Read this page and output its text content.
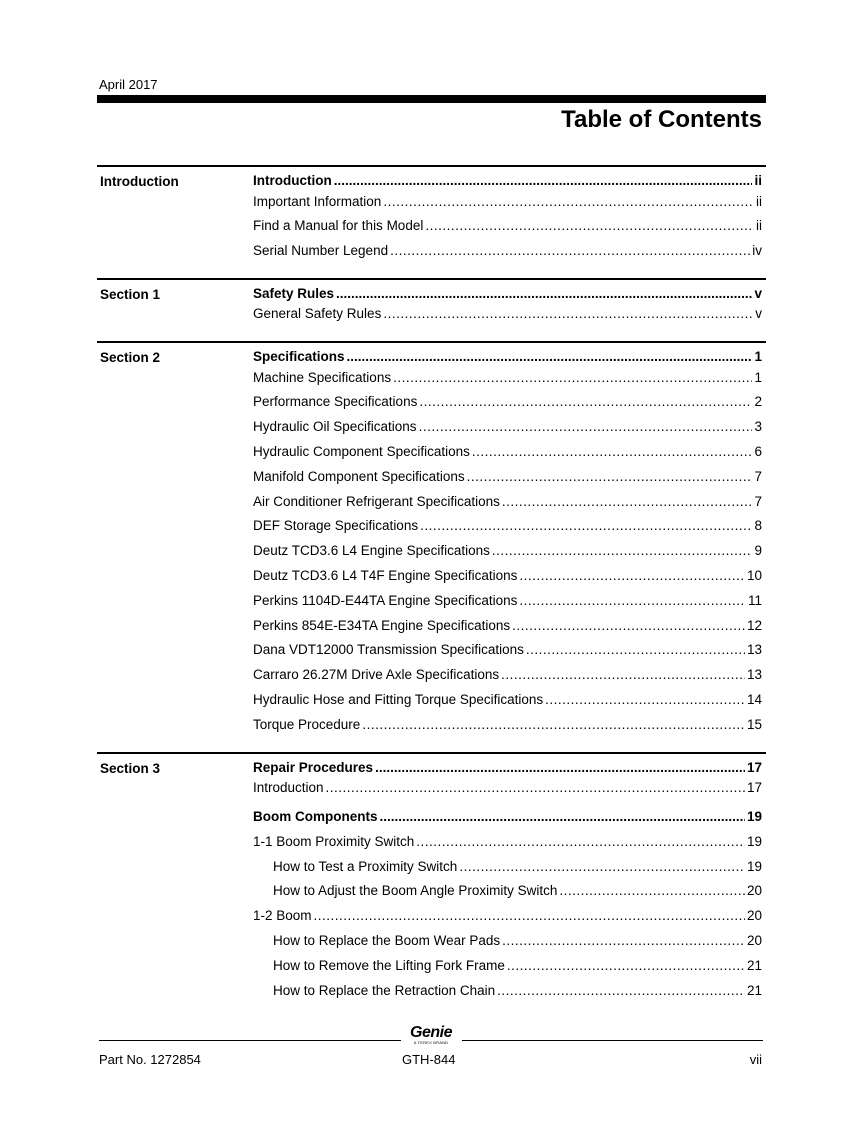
April 2017
Table of Contents
Introduction	Introduction .....	ii
Important Information .....	ii
Find a Manual for this Model .....	ii
Serial Number Legend .....	iv
Section 1	Safety Rules .....	v
General Safety Rules .....	v
Section 2	Specifications .....	1
Machine Specifications .....	1
Performance Specifications .....	2
Hydraulic Oil Specifications .....	3
Hydraulic Component Specifications .....	6
Manifold Component Specifications .....	7
Air Conditioner Refrigerant Specifications .....	7
DEF Storage Specifications .....	8
Deutz TCD3.6 L4 Engine Specifications .....	9
Deutz TCD3.6 L4 T4F Engine Specifications .....	10
Perkins 1104D-E44TA Engine Specifications .....	11
Perkins 854E-E34TA Engine Specifications .....	12
Dana VDT12000 Transmission Specifications .....	13
Carraro 26.27M Drive Axle Specifications .....	13
Hydraulic Hose and Fitting Torque Specifications .....	14
Torque Procedure .....	15
Section 3	Repair Procedures .....	17
Introduction .....	17
Boom Components .....	19
1-1 Boom Proximity Switch .....	19
How to Test a Proximity Switch .....	19
How to Adjust the Boom Angle Proximity Switch .....	20
1-2 Boom .....	20
How to Replace the Boom Wear Pads .....	20
How to Remove the Lifting Fork Frame .....	21
How to Replace the Retraction Chain .....	21
Genie
A TEREX BRAND
Part No. 1272854	GTH-844	vii
